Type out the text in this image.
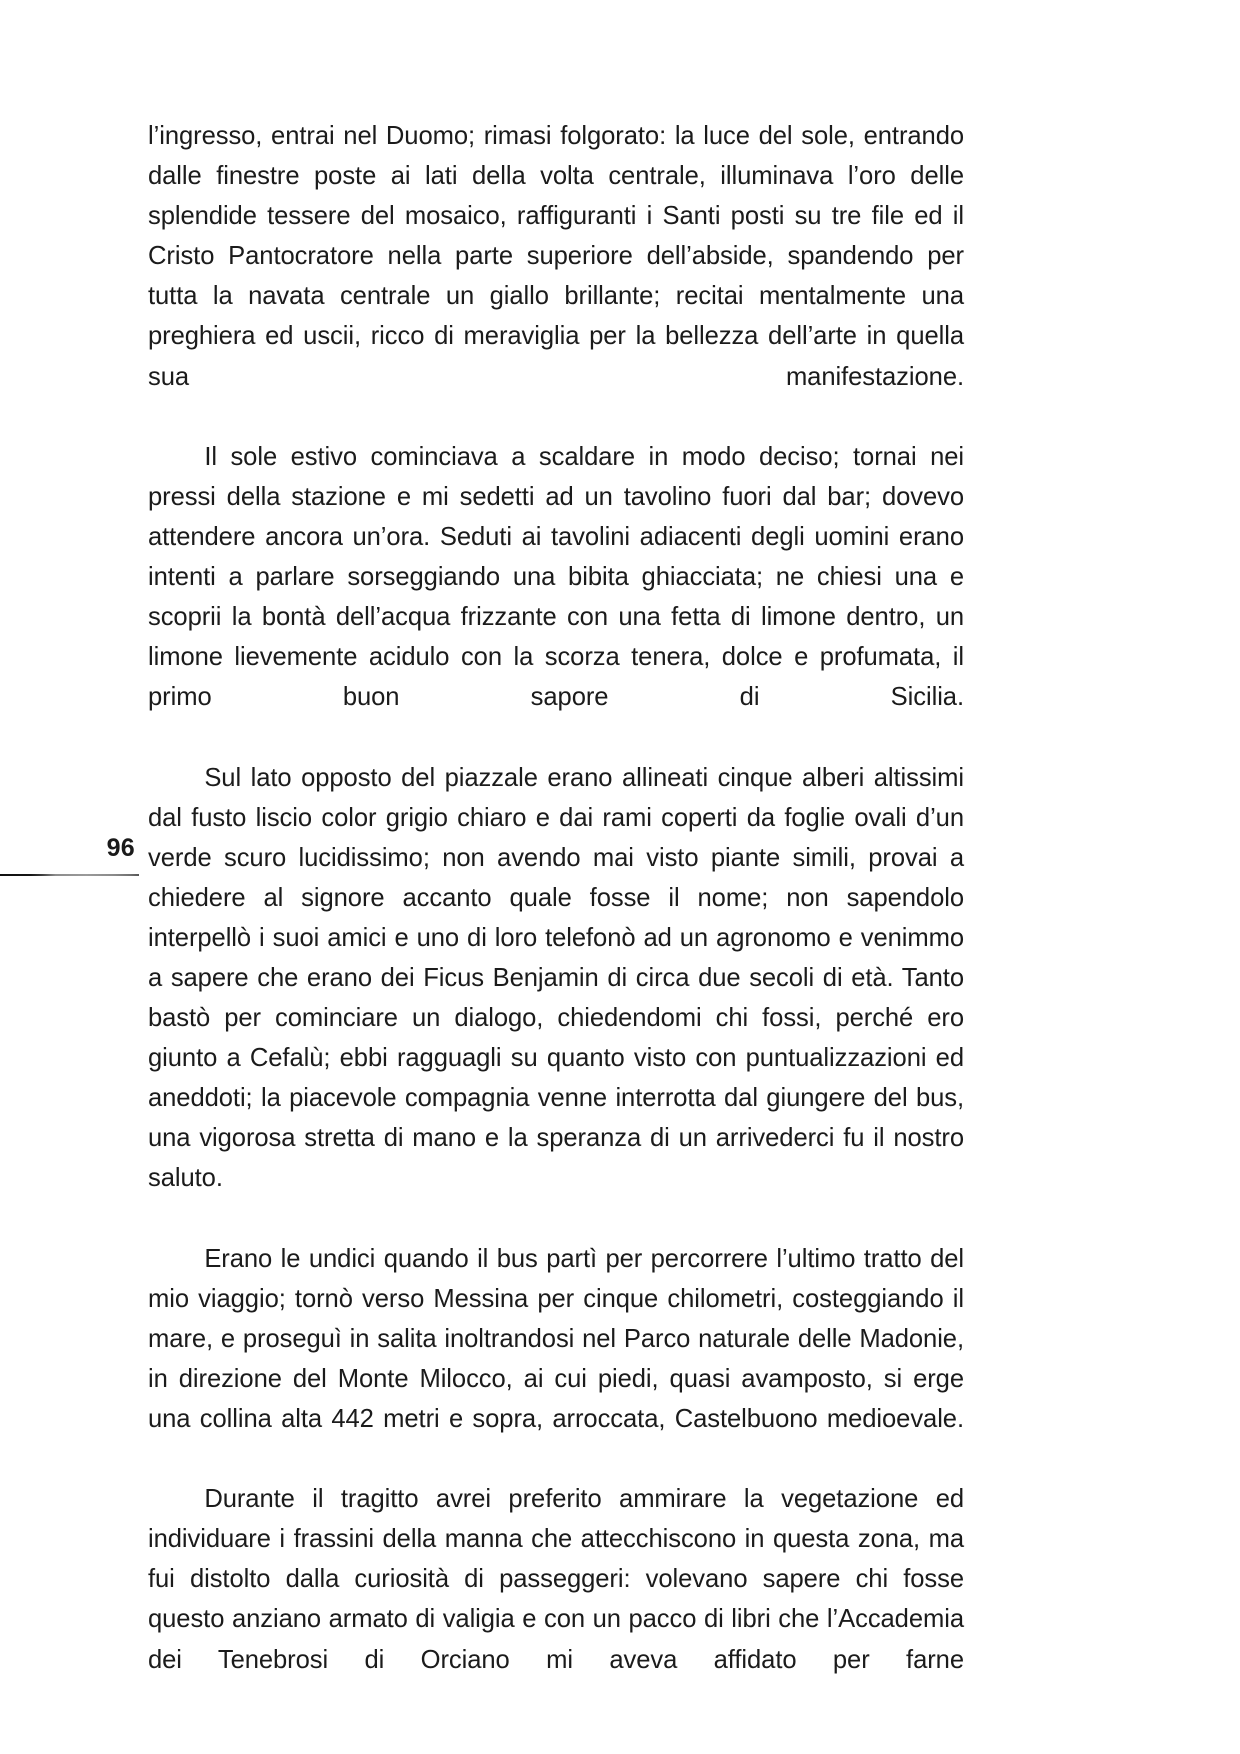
96

l’ingresso, entrai nel Duomo; rimasi folgorato: la luce del sole, entrando dalle finestre poste ai lati della volta centrale, illuminava l’oro delle splendide tessere del mosaico, raffiguranti i Santi posti su tre file ed il Cristo Pantocratore nella parte superiore dell’abside, spandendo per tutta la navata centrale un giallo brillante; recitai mentalmente una preghiera ed uscii, ricco di meraviglia per la bellezza dell’arte in quella sua manifestazione.

Il sole estivo cominciava a scaldare in modo deciso; tornai nei pressi della stazione e mi sedetti ad un tavolino fuori dal bar; dovevo attendere ancora un’ora. Seduti ai tavolini adiacenti degli uomini erano intenti a parlare sorseggiando una bibita ghiacciata; ne chiesi una e scoprii la bontà dell’acqua frizzante con una fetta di limone dentro, un limone lievemente acidulo con la scorza tenera, dolce e profumata, il primo buon sapore di Sicilia.

Sul lato opposto del piazzale erano allineati cinque alberi altissimi dal fusto liscio color grigio chiaro e dai rami coperti da foglie ovali d’un verde scuro lucidissimo; non avendo mai visto piante simili, provai a chiedere al signore accanto quale fosse il nome; non sapendolo interpellò i suoi amici e uno di loro telefonò ad un agronomo e venimmo a sapere che erano dei Ficus Benjamin di circa due secoli di età. Tanto bastò per cominciare un dialogo, chiedendomi chi fossi, perché ero giunto a Cefalù; ebbi ragguagli su quanto visto con puntualizzazioni ed aneddoti; la piacevole compagnia venne interrotta dal giungere del bus, una vigorosa stretta di mano e la speranza di un arrivederci fu il nostro saluto.

Erano le undici quando il bus partì per percorrere l’ultimo tratto del mio viaggio; tornò verso Messina per cinque chilometri, costeggiando il mare, e proseguì in salita inoltrandosi nel Parco naturale delle Madonie, in direzione del Monte Milocco, ai cui piedi, quasi avamposto, si erge una collina alta 442 metri e sopra, arroccata, Castelbuono medioevale.

Durante il tragitto avrei preferito ammirare la vegetazione ed individuare i frassini della manna che attecchiscono in questa zona, ma fui distolto dalla curiosità di passeggeri: volevano sapere chi fosse questo anziano armato di valigia e con un pacco di libri che l’Accademia dei Tenebrosi di Orciano mi aveva affidato per farne
